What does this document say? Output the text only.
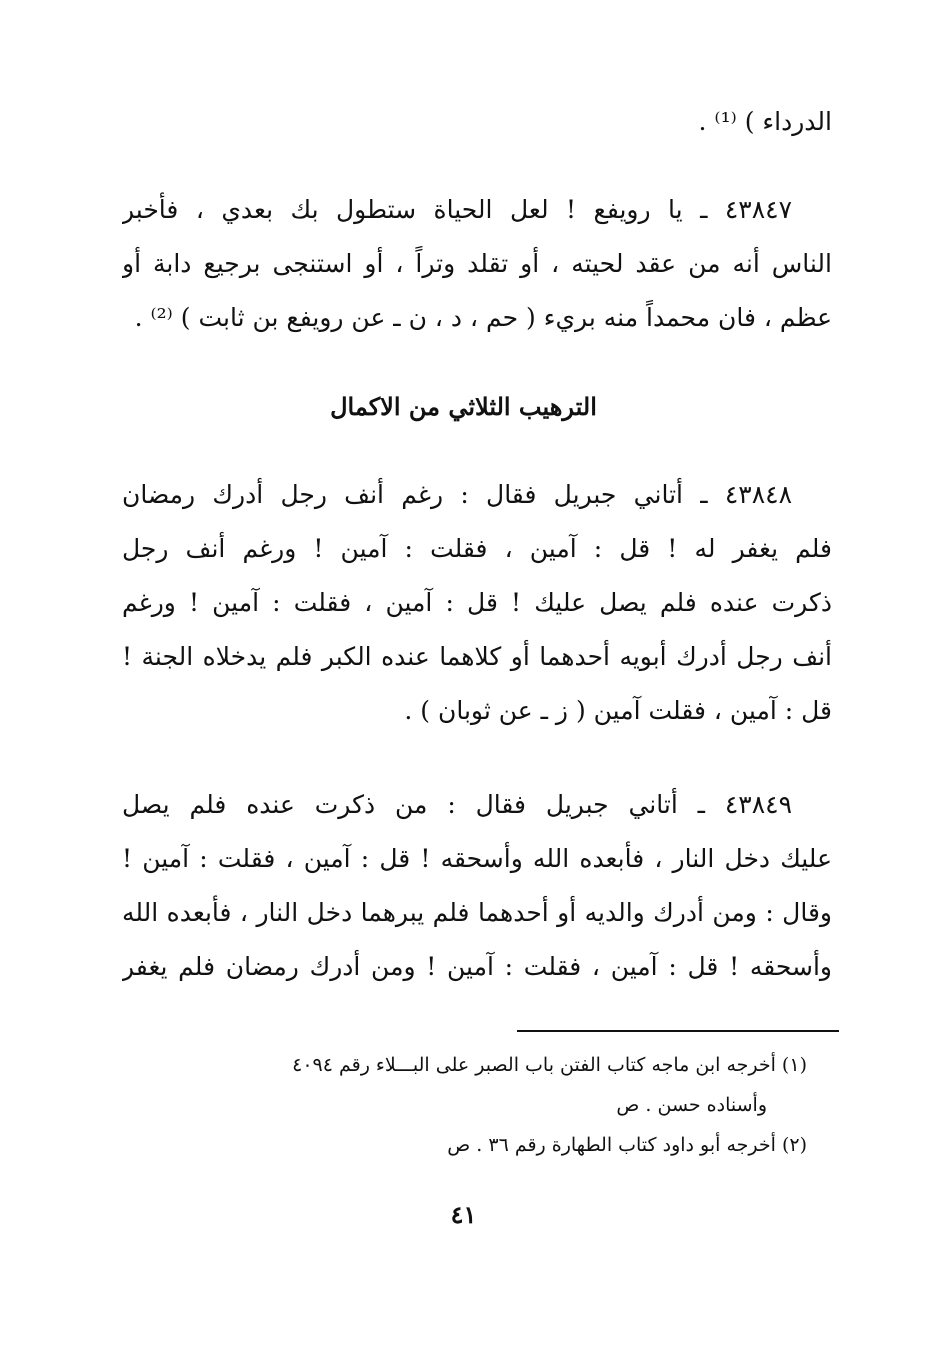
الدرداء ) ⁽¹⁾ .
٤٣٨٤٧ ـ يا رويفع ! لعل الحياة ستطول بك بعدي ، فأخبر
الناس أنه من عقد لحيته ، أو تقلد وتراً ، أو استنجى برجيع دابة أو
عظم ، فان محمداً منه بريء ( حم ، د ، ن ـ عن رويفع بن ثابت ) ⁽²⁾ .
الترهيب الثلاثي من الاكمال
٤٣٨٤٨ ـ أتاني جبريل فقال : رغم أنف رجل أدرك رمضان
فلم يغفر له ! قل : آمين ، فقلت : آمين ! ورغم أنف رجل
ذكرت عنده فلم يصل عليك ! قل : آمين ، فقلت : آمين ! ورغم
أنف رجل أدرك أبويه أحدهما أو كلاهما عنده الكبر فلم يدخلاه الجنة !
قل : آمين ، فقلت آمين ( ز ـ عن ثوبان ) .
٤٣٨٤٩ ـ أتاني جبريل فقال : من ذكرت عنده فلم يصل
عليك دخل النار ، فأبعده الله وأسحقه ! قل : آمين ، فقلت : آمين !
وقال : ومن أدرك والديه أو أحدهما فلم يبرهما دخل النار ، فأبعده الله
وأسحقه ! قل : آمين ، فقلت : آمين ! ومن أدرك رمضان فلم يغفر
(١) أخرجه ابن ماجه كتاب الفتن باب الصبر على البـــلاء رقم ٤٠٩٤
وأسناده حسن . ص
(٢) أخرجه أبو داود كتاب الطهارة رقم ٣٦ . ص
٤١
